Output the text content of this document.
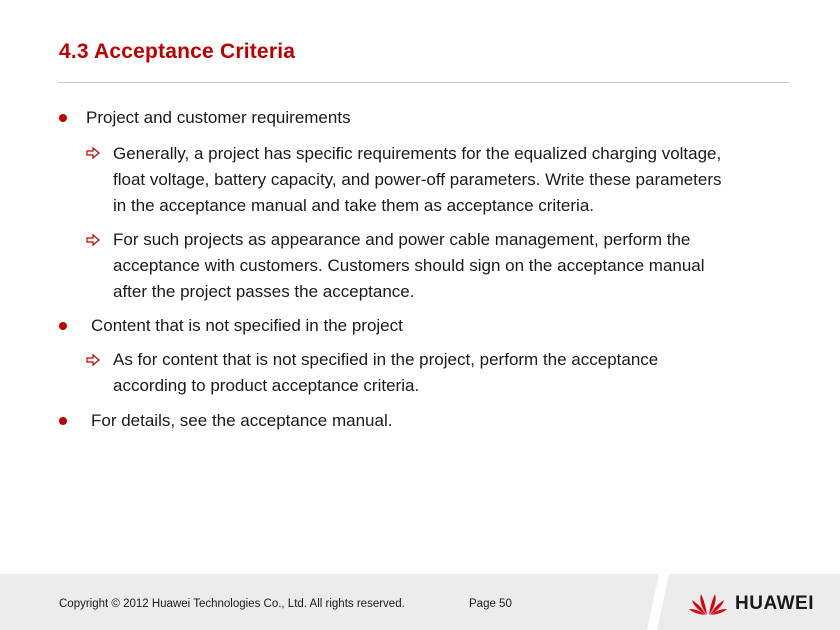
4.3 Acceptance Criteria
Project and customer requirements
Generally, a project has specific requirements for the equalized charging voltage,
float voltage, battery capacity, and power-off parameters. Write these parameters
in the acceptance manual and take them as acceptance criteria.
For such projects as appearance and power cable management, perform the
acceptance with customers. Customers should sign on the acceptance manual
after the project passes the acceptance.
Content that is not specified in the project
As for content that is not specified in the project, perform the acceptance
according to product acceptance criteria.
For details, see the acceptance manual.
Copyright © 2012 Huawei Technologies Co., Ltd. All rights reserved.	Page 50	HUAWEI
